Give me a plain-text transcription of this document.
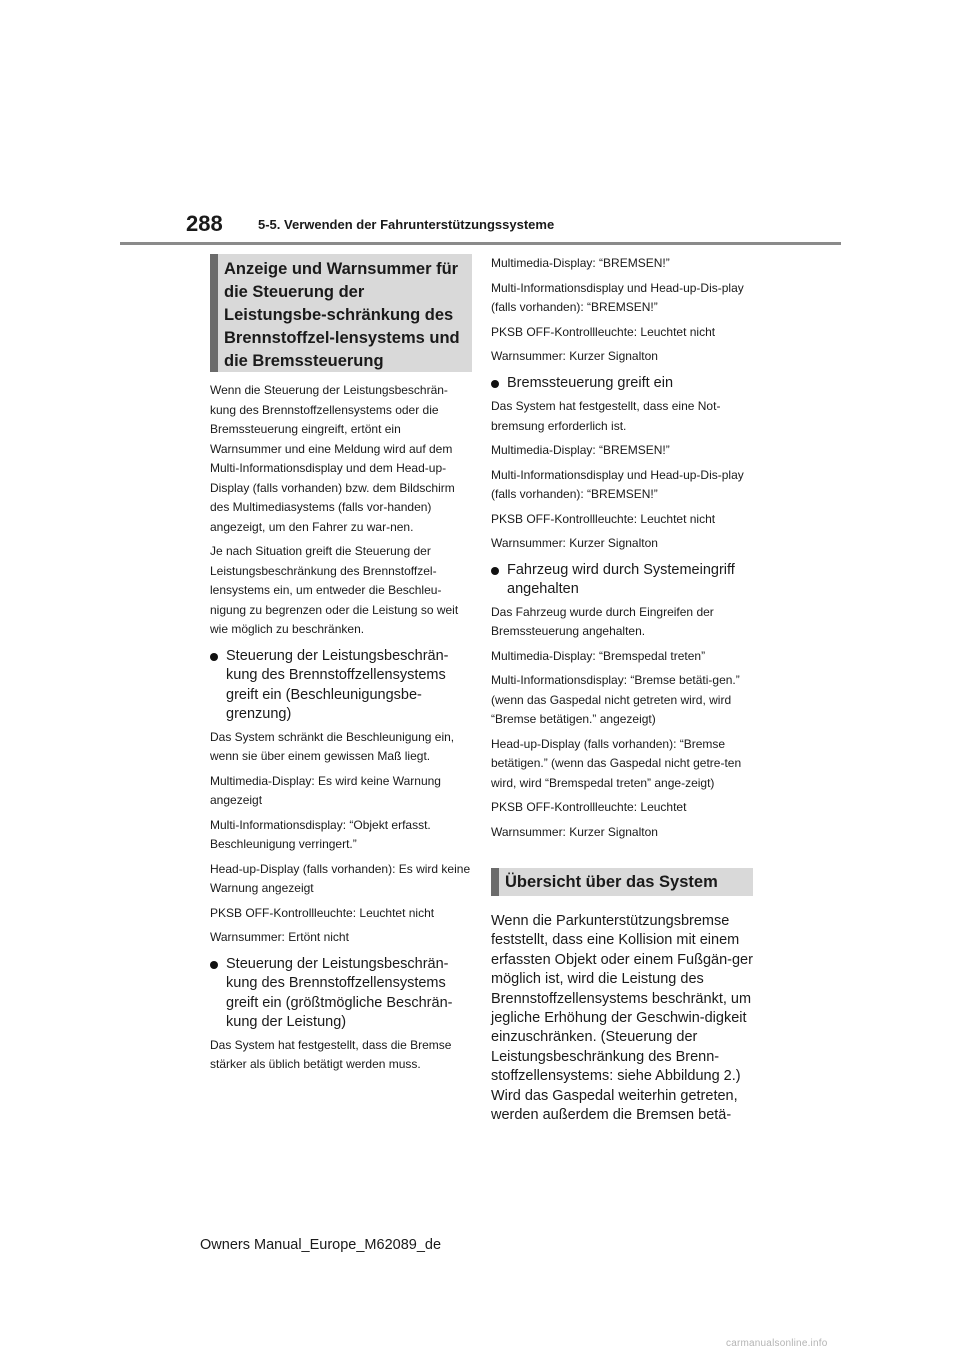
288	5-5. Verwenden der Fahrunterstützungssysteme
Anzeige und Warnsummer für die Steuerung der Leistungsbe-schränkung des Brennstoffzel-lensystems und die Bremssteuerung

Wenn die Steuerung der Leistungsbeschrän-kung des Brennstoffzellensystems oder die Bremssteuerung eingreift, ertönt ein Warnsummer und eine Meldung wird auf dem Multi-Informationsdisplay und dem Head-up-Display (falls vorhanden) bzw. dem Bildschirm des Multimediasystems (falls vor-handen) angezeigt, um den Fahrer zu war-nen.

Je nach Situation greift die Steuerung der Leistungsbeschränkung des Brennstoffzel-lensystems ein, um entweder die Beschleu-nigung zu begrenzen oder die Leistung so weit wie möglich zu beschränken.

Steuerung der Leistungsbeschrän-kung des Brennstoffzellensystems greift ein (Beschleunigungsbe-grenzung)

Das System schränkt die Beschleunigung ein, wenn sie über einem gewissen Maß liegt.

Multimedia-Display: Es wird keine Warnung angezeigt

Multi-Informationsdisplay: “Objekt erfasst. Beschleunigung verringert.”

Head-up-Display (falls vorhanden): Es wird keine Warnung angezeigt

PKSB OFF-Kontrollleuchte: Leuchtet nicht

Warnsummer: Ertönt nicht

Steuerung der Leistungsbeschrän-kung des Brennstoffzellensystems greift ein (größtmögliche Beschrän-kung der Leistung)

Das System hat festgestellt, dass die Bremse stärker als üblich betätigt werden muss.

Multimedia-Display: “BREMSEN!”

Multi-Informationsdisplay und Head-up-Dis-play (falls vorhanden): “BREMSEN!”

PKSB OFF-Kontrollleuchte: Leuchtet nicht

Warnsummer: Kurzer Signalton

Bremssteuerung greift ein

Das System hat festgestellt, dass eine Not-bremsung erforderlich ist.

Multimedia-Display: “BREMSEN!”

Multi-Informationsdisplay und Head-up-Dis-play (falls vorhanden): “BREMSEN!”

PKSB OFF-Kontrollleuchte: Leuchtet nicht

Warnsummer: Kurzer Signalton

Fahrzeug wird durch Systemeingriff angehalten

Das Fahrzeug wurde durch Eingreifen der Bremssteuerung angehalten.

Multimedia-Display: “Bremspedal treten”

Multi-Informationsdisplay: “Bremse betäti-gen.” (wenn das Gaspedal nicht getreten wird, wird “Bremse betätigen.” angezeigt)

Head-up-Display (falls vorhanden): “Bremse betätigen.” (wenn das Gaspedal nicht getre-ten wird, wird “Bremspedal treten” ange-zeigt)

PKSB OFF-Kontrollleuchte: Leuchtet

Warnsummer: Kurzer Signalton

Übersicht über das System

Wenn die Parkunterstützungsbremse feststellt, dass eine Kollision mit einem erfassten Objekt oder einem Fußgän-ger möglich ist, wird die Leistung des Brennstoffzellensystems beschränkt, um jegliche Erhöhung der Geschwin-digkeit einzuschränken. (Steuerung der Leistungsbeschränkung des Brenn-stoffzellensystems: siehe Abbildung 2.) Wird das Gaspedal weiterhin getreten, werden außerdem die Bremsen betä-

Owners Manual_Europe_M62089_de
carmanualsonline.info
